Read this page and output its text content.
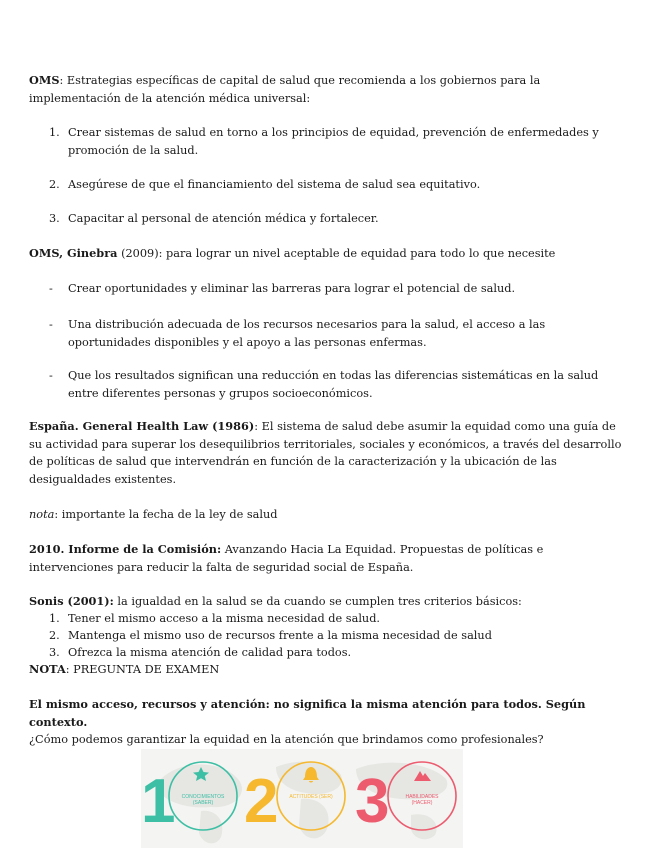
OMS: Estrategias específicas de capital de salud que recomienda a los gobiernos para la implementación de la atención médica universal:

1. Crear sistemas de salud en torno a los principios de equidad, prevención de enfermedades y promoción de la salud.
2. Asegúrese de que el financiamiento del sistema de salud sea equitativo.
3. Capacitar al personal de atención médica y fortalecer.

OMS, Ginebra (2009): para lograr un nivel aceptable de equidad para todo lo que necesite

-	Crear oportunidades y eliminar las barreras para lograr el potencial de salud.
-	Una distribución adecuada de los recursos necesarios para la salud, el acceso a las oportunidades disponibles y el apoyo a las personas enfermas.
-	Que los resultados significan una reducción en todas las diferencias sistemáticas en la salud entre diferentes personas y grupos socioeconómicos.

España. General Health Law (1986): El sistema de salud debe asumir la equidad como una guía de su actividad para superar los desequilibrios territoriales, sociales y económicos, a través del desarrollo de políticas de salud que intervendrán en función de la caracterización y la ubicación de las desigualdades existentes.

nota: importante la fecha de la ley de salud

2010. Informe de la Comisión: Avanzando Hacia La Equidad. Propuestas de políticas e intervenciones para reducir la falta de seguridad social de España.

Sonis (2001): la igualdad en la salud se da cuando se cumplen tres criterios básicos:

1. Tener el mismo acceso a la misma necesidad de salud.
2. Mantenga el mismo uso de recursos frente a la misma necesidad de salud
3. Ofrezca la misma atención de calidad para todos.

NOTA: PREGUNTA DE EXAMEN

El mismo acceso, recursos y atención: no significa la misma atención para todos. Según contexto.

¿Cómo podemos garantizar la equidad en la atención que brindamos como profesionales?

1 2 3
CONOCIMIENTOS (SABER)
ACTITUDES (SER)	HABILIDADES (HACER)
